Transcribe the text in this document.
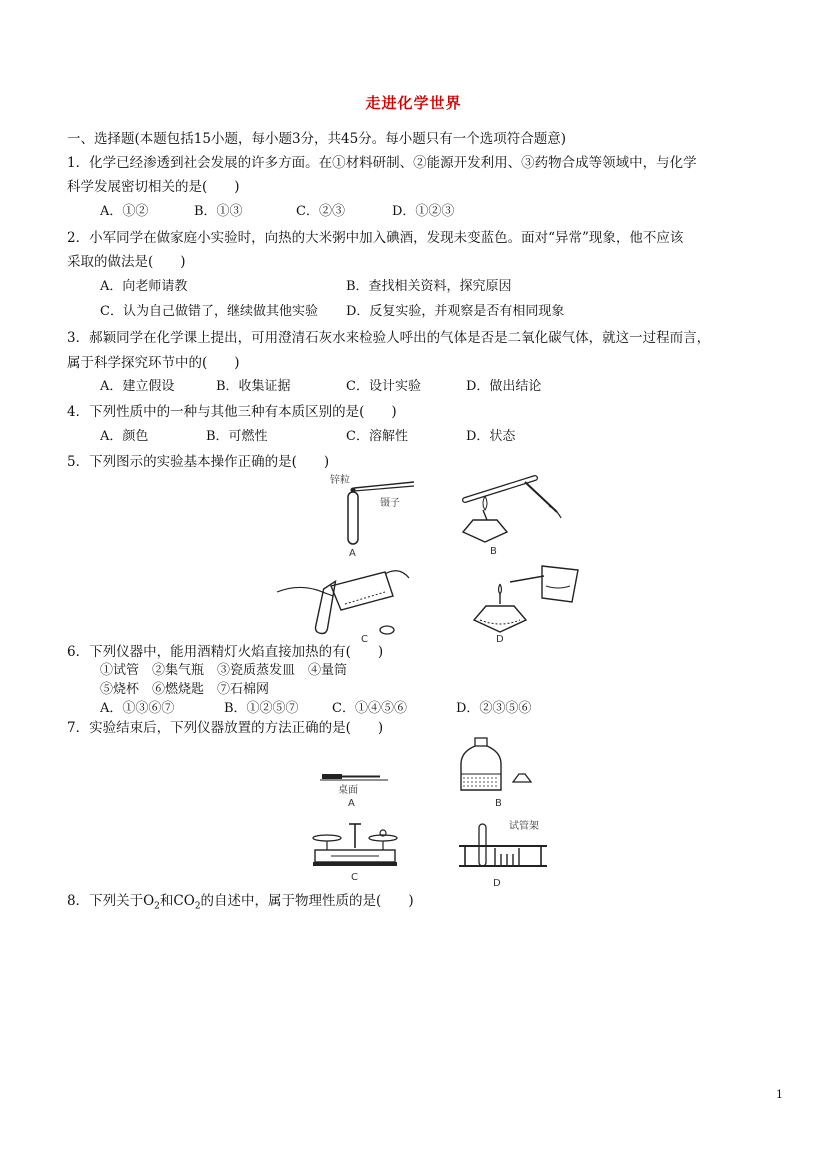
走进化学世界
一、选择题(本题包括15小题，每小题3分，共45分。每小题只有一个选项符合题意)
1．化学已经渗透到社会发展的许多方面。在①材料研制、②能源开发利用、③药物合成等领域中，与化学
科学发展密切相关的是(　　)
A．①②	B．①③	C．②③	D．①②③
2．小军同学在做家庭小实验时，向热的大米粥中加入碘酒，发现未变蓝色。面对“异常”现象，他不应该
采取的做法是(　　)
A．向老师请教	B．查找相关资料，探究原因
C．认为自己做错了，继续做其他实验 D．反复实验，并观察是否有相同现象
3．郝颖同学在化学课上提出，可用澄清石灰水来检验人呼出的气体是否是二氧化碳气体，就这一过程而言，
属于科学探究环节中的(　　)
A．建立假设	B．收集证据	C．设计实验	D．做出结论
4．下列性质中的一种与其他三种有本质区别的是(　　)
A．颜色	B．可燃性	C．溶解性	D．状态
5．下列图示的实验基本操作正确的是(　　)
锌粒
镊子
A	B
C	D
6．下列仪器中，能用酒精灯火焰直接加热的有(　　)
①试管　②集气瓶　③瓷质蒸发皿　④量筒
⑤烧杯　⑥燃烧匙　⑦石棉网
A．①③⑥⑦	B．①②⑤⑦	C．①④⑤⑥	D．②③⑤⑥
7．实验结束后，下列仪器放置的方法正确的是(　　)
桌面
A	B
C
试管架
D
8．下列关于$O_2$和$CO_2$的自述中，属于物理性质的是(　　)
1
